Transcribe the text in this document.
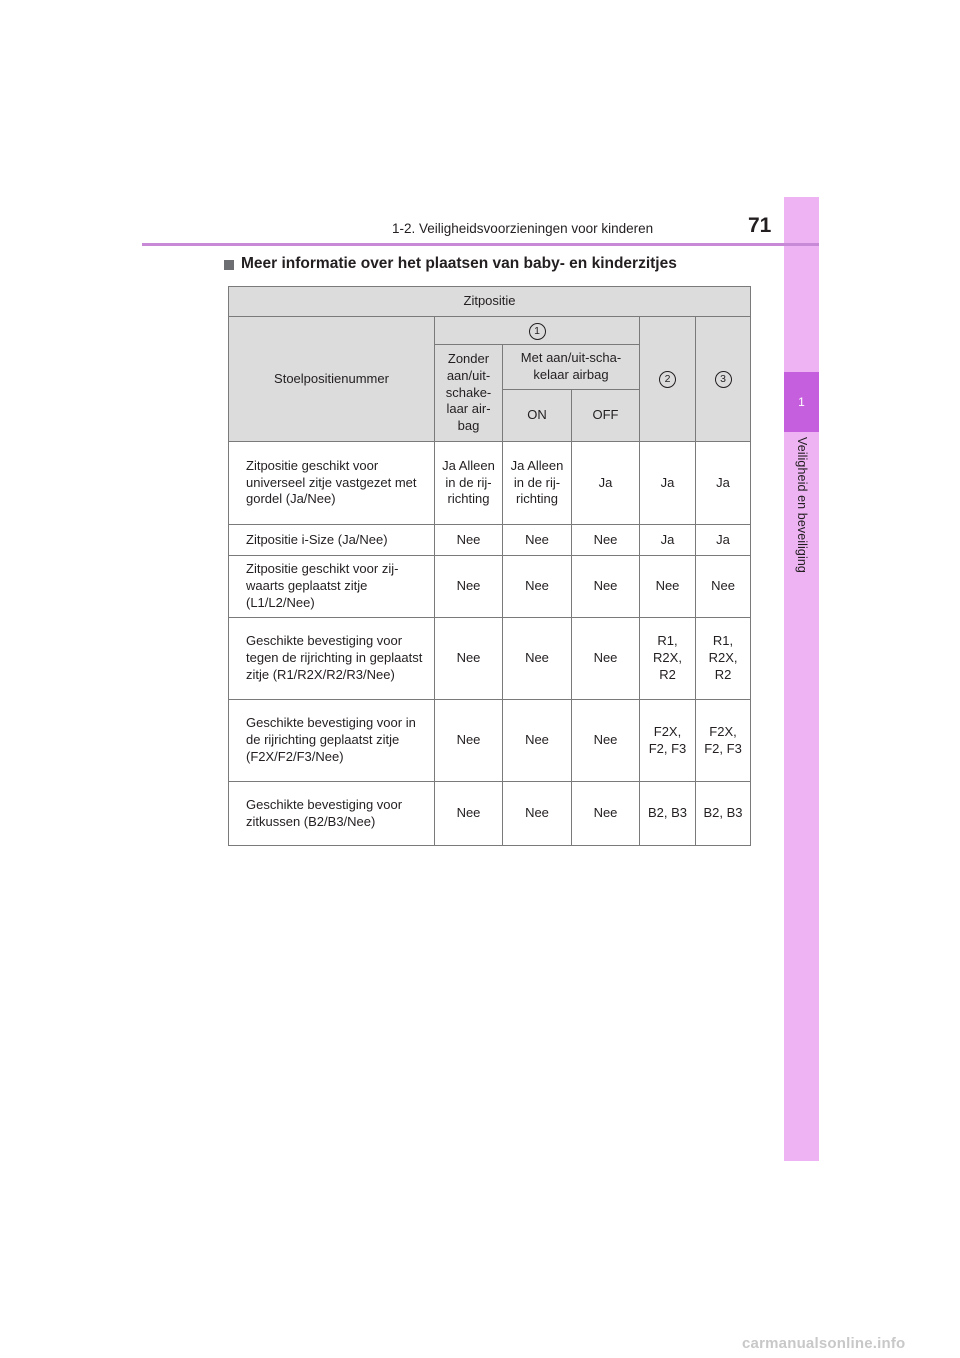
1
Veiligheid en beveiliging
1-2. Veiligheidsvoorzieningen voor kinderen	71
Meer informatie over het plaatsen van baby- en kinderzitjes
Zitpositie					
Stoelpositienummer	1			2	3
	Zonder aan/uit-schake-laar air-bag	Met aan/uit-scha-kelaar airbag			
		ON	OFF		
Zitpositie geschikt voor universeel zitje vastgezet met gordel (Ja/Nee)	Ja Alleen in de rij-richting	Ja Alleen in de rij-richting	Ja	Ja	Ja
Zitpositie i-Size (Ja/Nee)	Nee	Nee	Nee	Ja	Ja
Zitpositie geschikt voor zij-waarts geplaatst zitje (L1/L2/Nee)	Nee	Nee	Nee	Nee	Nee
Geschikte bevestiging voor tegen de rijrichting in geplaatst zitje (R1/R2X/R2/R3/Nee)	Nee	Nee	Nee	R1, R2X, R2	R1, R2X, R2
Geschikte bevestiging voor in de rijrichting geplaatst zitje (F2X/F2/F3/Nee)	Nee	Nee	Nee	F2X, F2, F3	F2X, F2, F3
Geschikte bevestiging voor zitkussen (B2/B3/Nee)	Nee	Nee	Nee	B2, B3	B2, B3
carmanualsonline.info
